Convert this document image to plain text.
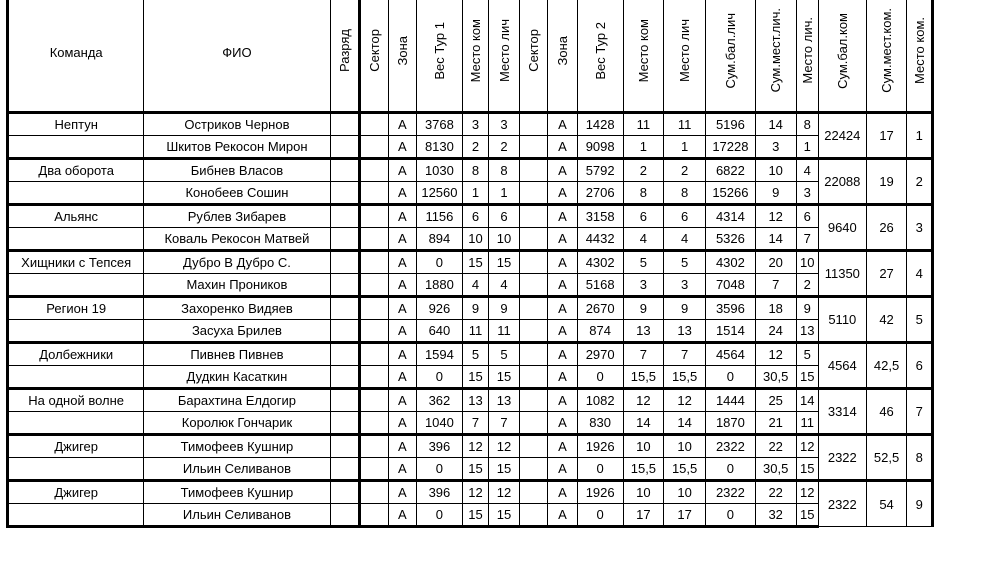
Команда	ФИО	Разряд	Сектор	Зона	Вес Тур 1	Место ком	Место лич	Сектор	Зона	Вес Тур 2	Место ком	Место лич	Сум.бал.лич	Сум.мест.лич.	Место лич.	Сум.бал.ком	Сум.мест.ком.	Место ком.
Нептун	Остриков Чернов			А	3768	3	3		А	1428	11	11	5196	14	8	22424	17	1
	Шкитов Рекосон Мирон			А	8130	2	2		А	9098	1	1	17228	3	1			
Два оборота	Бибнев Власов			А	1030	8	8		А	5792	2	2	6822	10	4	22088	19	2
	Конобеев Сошин			А	12560	1	1		А	2706	8	8	15266	9	3			
Альянс	Рублев Зибарев			А	1156	6	6		А	3158	6	6	4314	12	6	9640	26	3
	Коваль Рекосон Матвей			А	894	10	10		А	4432	4	4	5326	14	7			
Хищники с Тепсея	Дубро В Дубро С.			А	0	15	15		А	4302	5	5	4302	20	10	11350	27	4
	Махин Проников			А	1880	4	4		А	5168	3	3	7048	7	2			
Регион 19	Захоренко Видяев			А	926	9	9		А	2670	9	9	3596	18	9	5110	42	5
	Засуха Брилев			А	640	11	11		А	874	13	13	1514	24	13			
Долбежники	Пивнев Пивнев			А	1594	5	5		А	2970	7	7	4564	12	5	4564	42,5	6
	Дудкин Касаткин			А	0	15	15		А	0	15,5	15,5	0	30,5	15			
На одной волне	Барахтина Елдогир			А	362	13	13		А	1082	12	12	1444	25	14	3314	46	7
	Королюк Гончарик			А	1040	7	7		А	830	14	14	1870	21	11			
Джигер	Тимофеев Кушнир			А	396	12	12		А	1926	10	10	2322	22	12	2322	52,5	8
	Ильин Селиванов			А	0	15	15		А	0	15,5	15,5	0	30,5	15			
Джигер	Тимофеев Кушнир			А	396	12	12		А	1926	10	10	2322	22	12	2322	54	9
	Ильин Селиванов			А	0	15	15		А	0	17	17	0	32	15			
